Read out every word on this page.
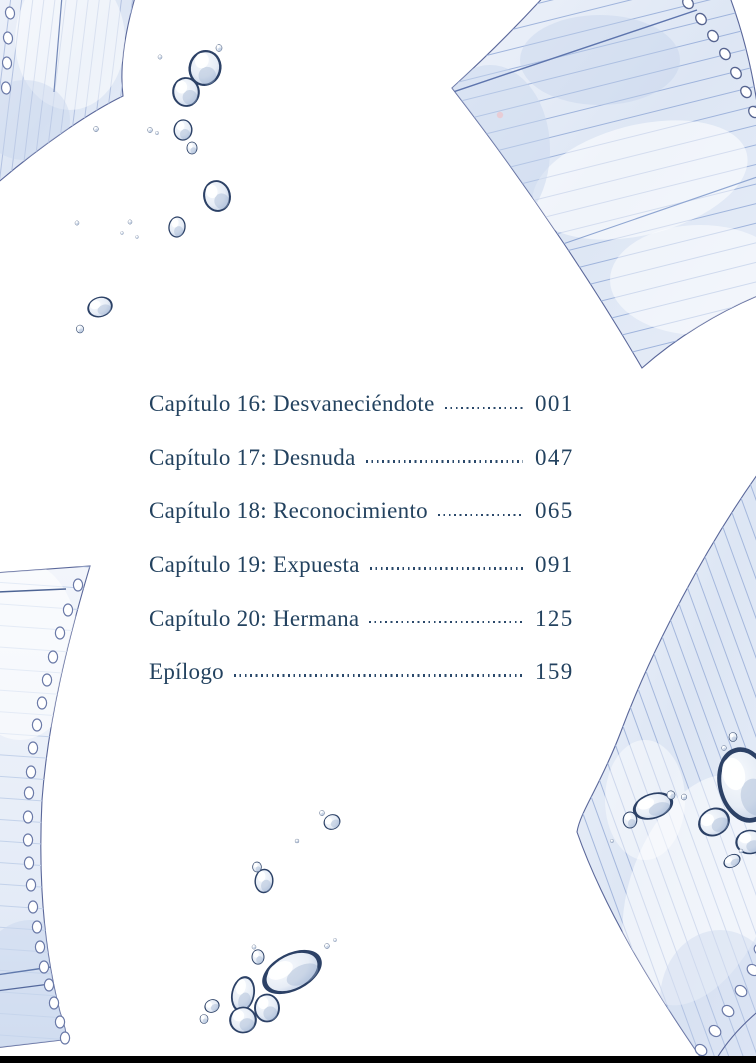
Capítulo 16: Desvaneciéndote	001
Capítulo 17: Desnuda	047
Capítulo 18: Reconocimiento	065
Capítulo 19: Expuesta	091
Capítulo 20: Hermana	125
Epílogo	159
